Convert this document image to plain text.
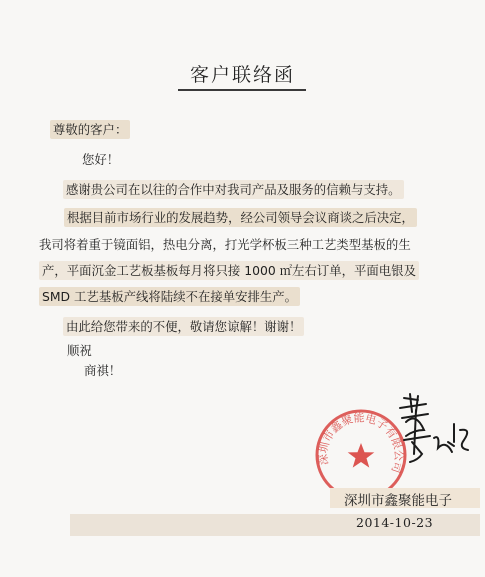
客户联络函
尊敬的客户：
您好！
感谢贵公司在以往的合作中对我司产品及服务的信赖与支持。
根据目前市场行业的发展趋势，经公司领导会议商谈之后决定，
我司将着重于镜面铝，热电分离，打光学杯板三种工艺类型基板的生
产，平面沉金工艺板基板每月将只接 1000 ㎡左右订单，平面电银及
SMD 工艺基板产线将陆续不在接单安排生产。
由此给您带来的不便，敬请您谅解！谢谢！
顺祝
商祺！
深圳市鑫聚能电子有限公司
深圳市鑫聚能电子
2014-10-23
